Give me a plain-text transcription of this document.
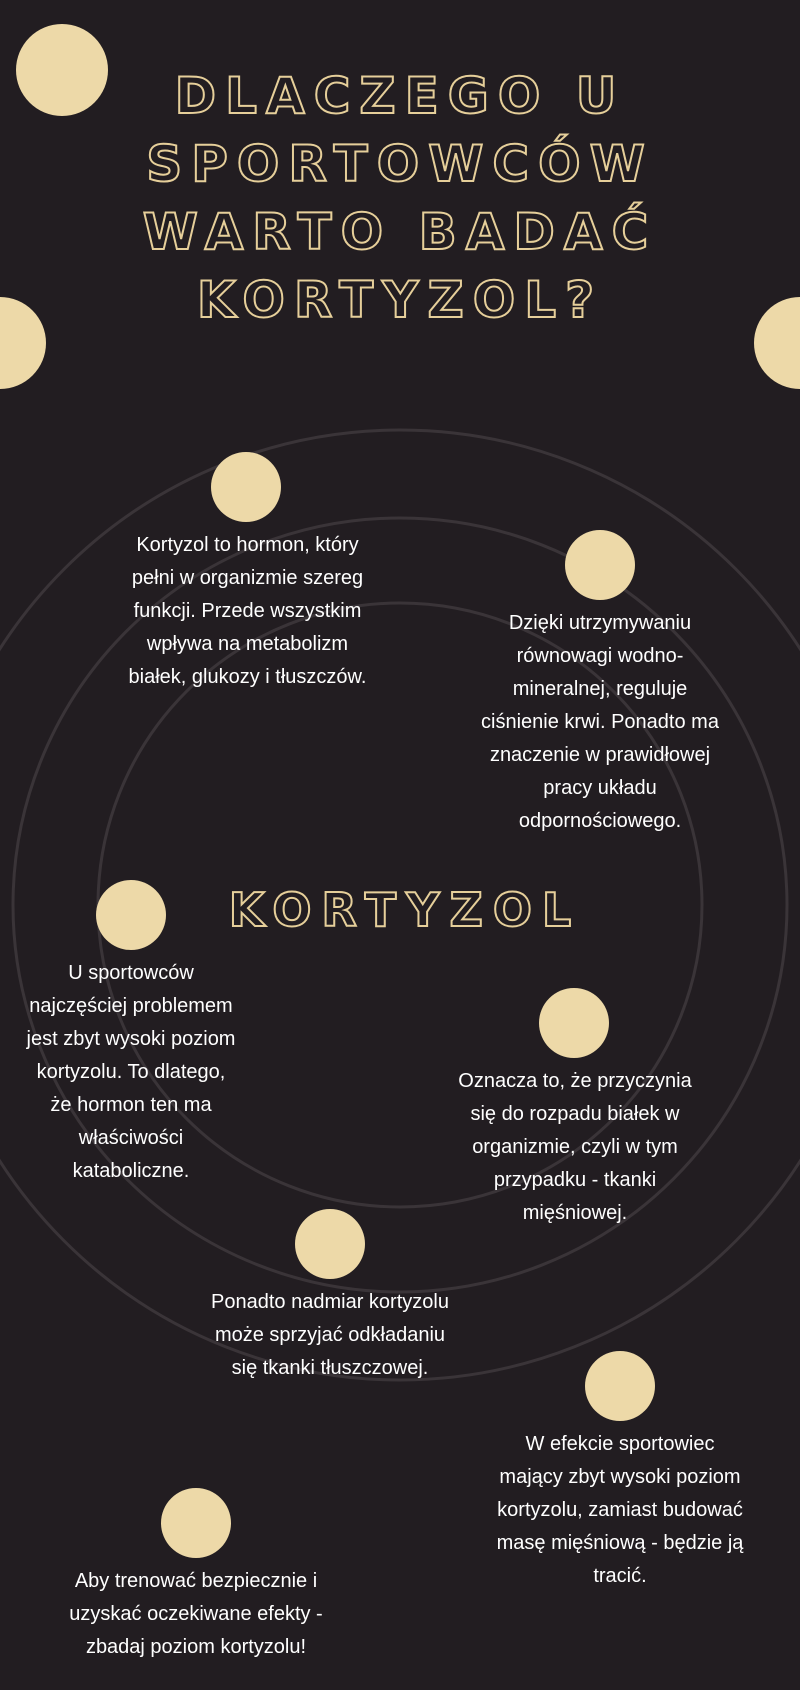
DLACZEGO U SPORTOWCÓW WARTO BADAĆ KORTYZOL?
KORTYZOL

Kortyzol to hormon, który
pełni w organizmie szereg
funkcji. Przede wszystkim
wpływa na metabolizm
białek, glukozy i tłuszczów.

Dzięki utrzymywaniu
równowagi wodno-
mineralnej, reguluje
ciśnienie krwi. Ponadto ma
znaczenie w prawidłowej
pracy układu
odpornościowego.

U sportowców
najczęściej problemem
jest zbyt wysoki poziom
kortyzolu. To dlatego,
że hormon ten ma
właściwości
kataboliczne.

Oznacza to, że przyczynia
się do rozpadu białek w
organizmie, czyli w tym
przypadku - tkanki
mięśniowej.

Ponadto nadmiar kortyzolu
może sprzyjać odkładaniu
się tkanki tłuszczowej.

W efekcie sportowiec
mający zbyt wysoki poziom
kortyzolu, zamiast budować
masę mięśniową - będzie ją
tracić.

Aby trenować bezpiecznie i
uzyskać oczekiwane efekty -
zbadaj poziom kortyzolu!
